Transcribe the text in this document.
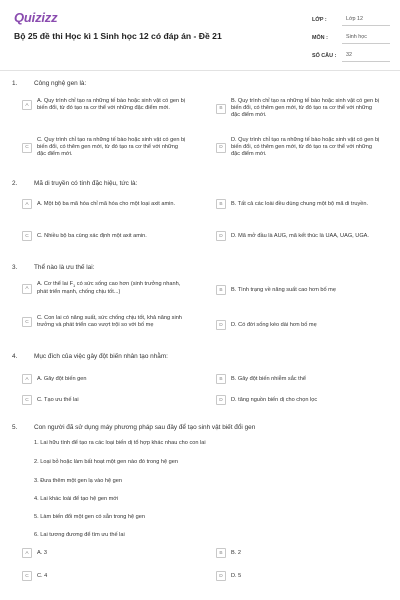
Quizizz
Bộ 25 đề thi Học kì 1 Sinh học 12 có đáp án - Đề 21
LỚP :	Lớp 12
MÔN :	Sinh học
SỐ CÂU :	32
1.	Công nghệ gen là:
A
A. Quy trình chỉ tạo ra những tế bào hoặc sinh vật có gen bị biến đổi, từ đó tạo ra cơ thể với những đặc điểm mới.	B
B. Quy trình chỉ tạo ra những tế bào hoặc sinh vật có gen bị biến đổi, có thêm gen mới, từ đó tạo ra cơ thể với những đặc điểm mới.
C
C. Quy trình chỉ tạo ra những tế bào hoặc sinh vật có gen bị biến đổi, có thêm gen mới, từ đó tạo ra cơ thể với những đặc điểm mới.
D
D. Quy trình chỉ tạo ra những tế bào hoặc sinh vật có gen bị biến đổi, có thêm gen mới, từ đó tạo ra cơ thể với những đặc điểm mới.
2.	Mã di truyền có tính đặc hiệu, tức là:
A	A. Một bộ ba mã hóa chỉ mã hóa cho một loại axit amin.	B	B. Tất cả các loài đều dùng chung một bộ mã di truyền.
C	C. Nhiều bộ ba cùng xác định một axit amin.	D	D. Mã mở đầu là AUG, mã kết thúc là UAA, UAG, UGA.
3.	Thể nào là ưu thế lai:
A
A. Cơ thể lai $F_1$ có sức sống cao hơn (sinh trưởng nhanh, phát triển mạnh, chống chịu tốt...)	B	B. Tình trạng về năng suất cao hơn bố mẹ
C
C. Con lai có năng suất, sức chống chịu tốt, khả năng sinh trưởng và phát triển cao vượt trội so với bố mẹ	D	D. Có đời sống kéo dài hơn bố mẹ
4.	Mục đích của việc gây đột biến nhân tạo nhằm:
A	A. Gây đột biến gen	B	B. Gây đột biến nhiễm sắc thể
C	C. Tạo ưu thế lai	D	D. tăng nguồn biến dị cho chọn lọc
5.	Con người đã sử dụng máy phương pháp sau đây để tạo sinh vật biết đổi gen
1. Lai hữu tính để tạo ra các loại biến dị tổ hợp khác nhau cho con lai
2. Loại bỏ hoặc làm bất hoạt một gen nào đó trong hệ gen
3. Đưa thêm một gen lạ vào hệ gen
4. Lai khác loài để tạo hệ gen mới
5. Làm biến đổi một gen có sẵn trong hệ gen
6. Lai tương đương để tìm ưu thế lai
A	A. 3	B	B. 2
C	C. 4	D	D. 5
